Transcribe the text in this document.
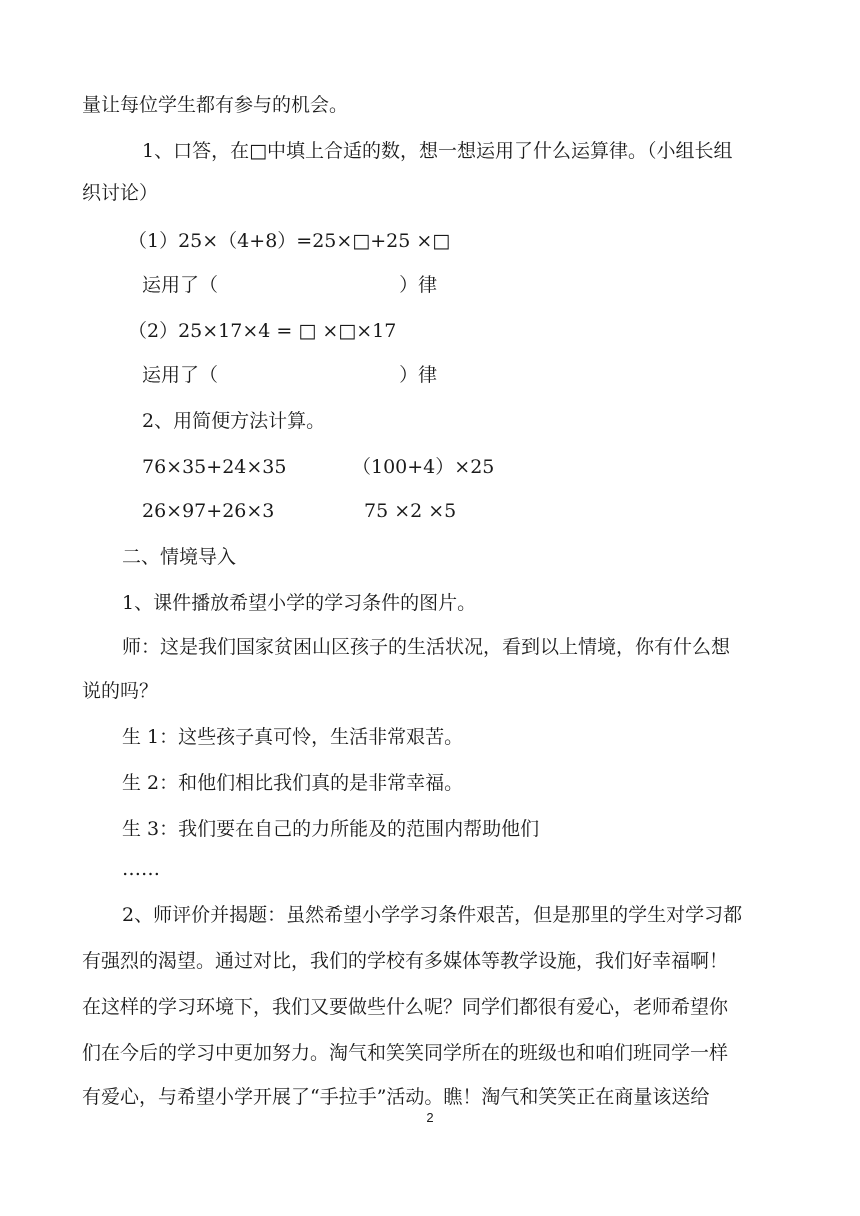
量让每位学生都有参与的机会。
1、口答，在□中填上合适的数，想一想运用了什么运算律。（小组长组
织讨论）
（1）25×（4+8）=25×□+25 ×□
运用了（                              ）律
（2）25×17×4 = □ ×□×17
运用了（                              ）律
2、用简便方法计算。
76×35+24×35	（100+4）×25
26×97+26×3	75 ×2 ×5
二、情境导入
1、课件播放希望小学的学习条件的图片。
师：这是我们国家贫困山区孩子的生活状况，看到以上情境，你有什么想
说的吗？
生 1：这些孩子真可怜，生活非常艰苦。
生 2：和他们相比我们真的是非常幸福。
生 3：我们要在自己的力所能及的范围内帮助他们
……
2、师评价并揭题：虽然希望小学学习条件艰苦，但是那里的学生对学习都
有强烈的渴望。通过对比，我们的学校有多媒体等教学设施，我们好幸福啊！
在这样的学习环境下，我们又要做些什么呢？同学们都很有爱心，老师希望你
们在今后的学习中更加努力。淘气和笑笑同学所在的班级也和咱们班同学一样
有爱心，与希望小学开展了“手拉手”活动。瞧！淘气和笑笑正在商量该送给
2
